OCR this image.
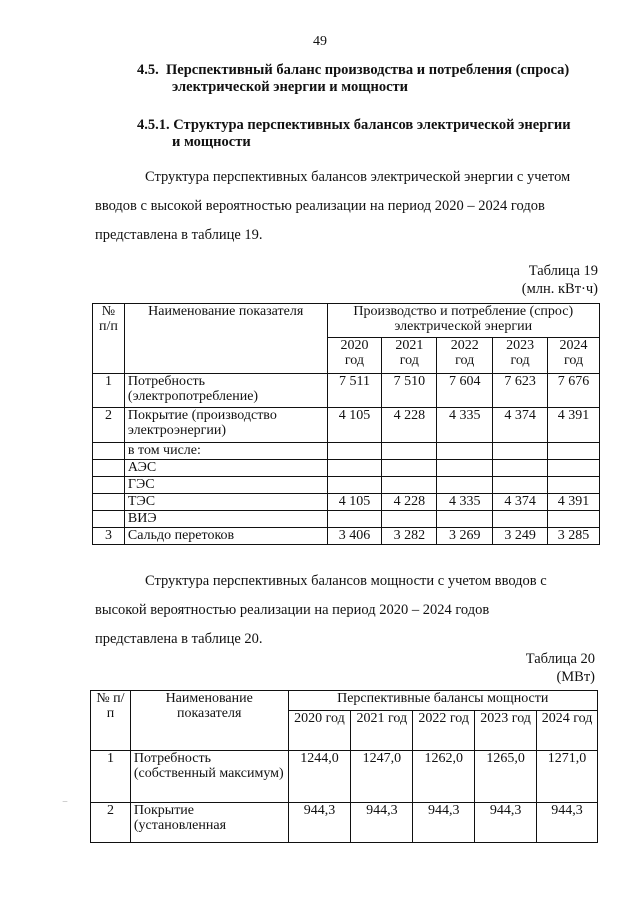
49
4.5. Перспективный баланс производства и потребления (спроса)
электрической энергии и мощности
4.5.1. Структура перспективных балансов электрической энергии
и мощности
Структура перспективных балансов электрической энергии с учетом
вводов с высокой вероятностью реализации на период 2020 – 2024 годов
представлена в таблице 19.
Таблица 19
(млн. кВт·ч)
№ п/п	Наименование показателя	Производство и потребление (спрос) электрической энергии				
		2020 год	2021 год	2022 год	2023 год	2024 год
1	Потребность (электропотребление)	7 511	7 510	7 604	7 623	7 676
2	Покрытие (производство электроэнергии)	4 105	4 228	4 335	4 374	4 391
	в том числе:					
	АЭС					
	ГЭС					
	ТЭС	4 105	4 228	4 335	4 374	4 391
	ВИЭ					
3	Сальдо перетоков	3 406	3 282	3 269	3 249	3 285
Структура перспективных балансов мощности с учетом вводов с
высокой вероятностью реализации на период 2020 – 2024 годов
представлена в таблице 20.
Таблица 20
(МВт)
№ п/п	Наименование показателя	Перспективные балансы мощности				
		2020 год	2021 год	2022 год	2023 год	2024 год
1	Потребность (собственный максимум)	1244,0	1247,0	1262,0	1265,0	1271,0
2	Покрытие (установленная	944,3	944,3	944,3	944,3	944,3
‾
